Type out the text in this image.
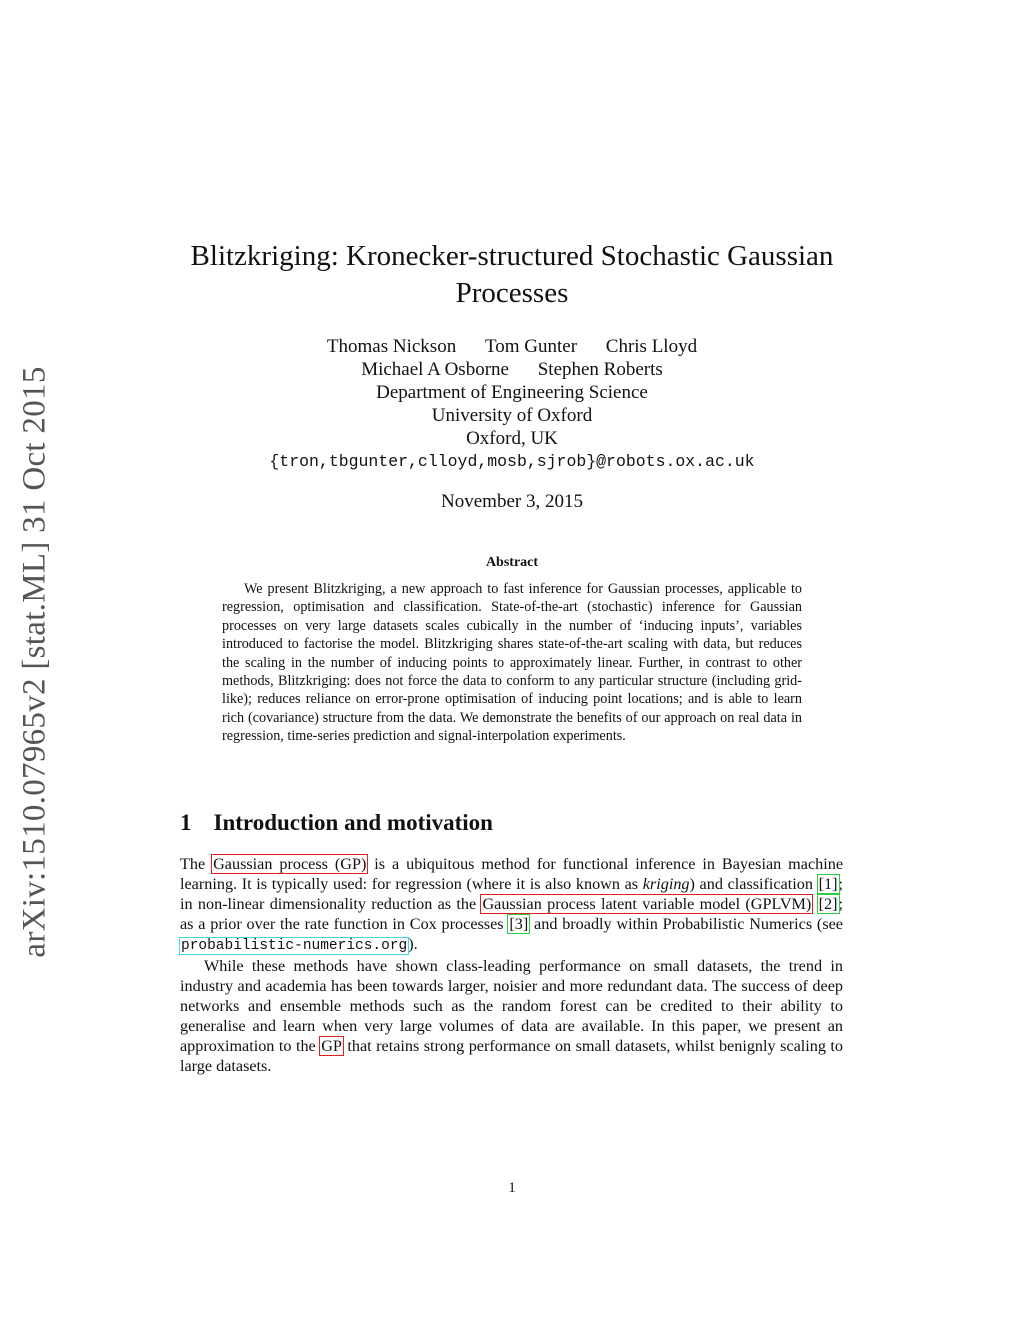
arXiv:1510.07965v2 [stat.ML] 31 Oct 2015
Blitzkriging: Kronecker-structured Stochastic Gaussian
Processes
Thomas Nickson Tom Gunter Chris Lloyd
Michael A Osborne Stephen Roberts
Department of Engineering Science
University of Oxford
Oxford, UK
{tron,tbgunter,clloyd,mosb,sjrob}@robots.ox.ac.uk
November 3, 2015
Abstract

We present Blitzkriging, a new approach to fast inference for Gaussian processes, applicable to regression, optimisation and classification. State-of-the-art (stochastic) inference for Gaussian processes on very large datasets scales cubically in the number of ‘inducing inputs’, variables introduced to factorise the model. Blitzkriging shares state-of-the-art scaling with data, but reduces the scaling in the number of inducing points to approximately linear. Further, in contrast to other methods, Blitzkriging: does not force the data to conform to any particular structure (including grid-like); reduces reliance on error-prone optimisation of inducing point locations; and is able to learn rich (covariance) structure from the data. We demonstrate the benefits of our approach on real data in regression, time-series prediction and signal-interpolation experiments.

1 Introduction and motivation

The Gaussian process (GP) is a ubiquitous method for functional inference in Bayesian machine learning. It is typically used: for regression (where it is also known as kriging) and classification [1]; in non-linear dimensionality reduction as the Gaussian process latent variable model (GPLVM) [2]; as a prior over the rate function in Cox processes [3] and broadly within Probabilistic Numerics (see probabilistic-numerics.org).

While these methods have shown class-leading performance on small datasets, the trend in industry and academia has been towards larger, noisier and more redundant data. The success of deep networks and ensemble methods such as the random forest can be credited to their ability to generalise and learn when very large volumes of data are available. In this paper, we present an approximation to the GP that retains strong performance on small datasets, whilst benignly scaling to large datasets.

1
